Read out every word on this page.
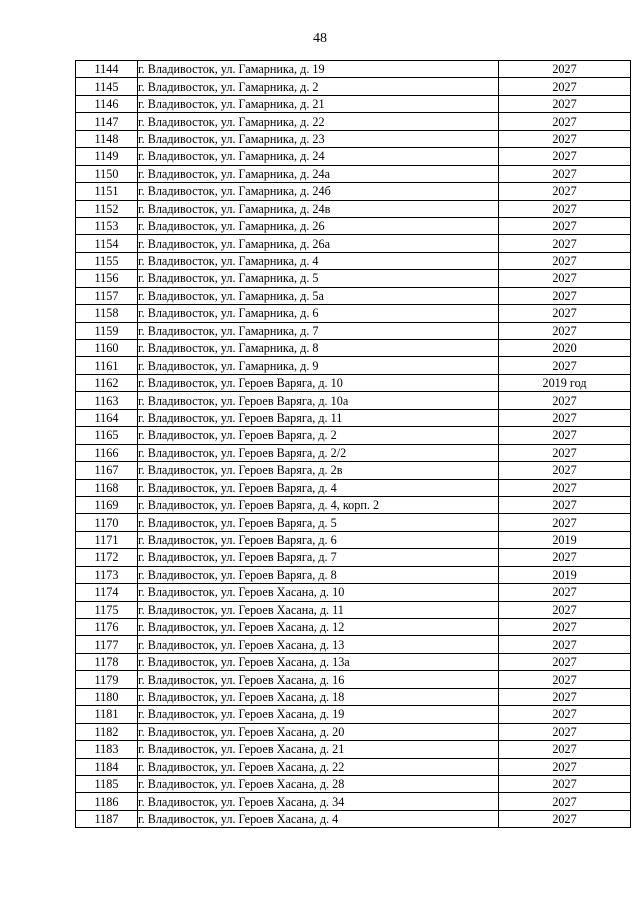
48
1144	г. Владивосток, ул. Гамарника, д. 19	2027
1145	г. Владивосток, ул. Гамарника, д. 2	2027
1146	г. Владивосток, ул. Гамарника, д. 21	2027
1147	г. Владивосток, ул. Гамарника, д. 22	2027
1148	г. Владивосток, ул. Гамарника, д. 23	2027
1149	г. Владивосток, ул. Гамарника, д. 24	2027
1150	г. Владивосток, ул. Гамарника, д. 24а	2027
1151	г. Владивосток, ул. Гамарника, д. 24б	2027
1152	г. Владивосток, ул. Гамарника, д. 24в	2027
1153	г. Владивосток, ул. Гамарника, д. 26	2027
1154	г. Владивосток, ул. Гамарника, д. 26а	2027
1155	г. Владивосток, ул. Гамарника, д. 4	2027
1156	г. Владивосток, ул. Гамарника, д. 5	2027
1157	г. Владивосток, ул. Гамарника, д. 5а	2027
1158	г. Владивосток, ул. Гамарника, д. 6	2027
1159	г. Владивосток, ул. Гамарника, д. 7	2027
1160	г. Владивосток, ул. Гамарника, д. 8	2020
1161	г. Владивосток, ул. Гамарника, д. 9	2027
1162	г. Владивосток, ул. Героев Варяга, д. 10	2019 год
1163	г. Владивосток, ул. Героев Варяга, д. 10а	2027
1164	г. Владивосток, ул. Героев Варяга, д. 11	2027
1165	г. Владивосток, ул. Героев Варяга, д. 2	2027
1166	г. Владивосток, ул. Героев Варяга, д. 2/2	2027
1167	г. Владивосток, ул. Героев Варяга, д. 2в	2027
1168	г. Владивосток, ул. Героев Варяга, д. 4	2027
1169	г. Владивосток, ул. Героев Варяга, д. 4, корп. 2	2027
1170	г. Владивосток, ул. Героев Варяга, д. 5	2027
1171	г. Владивосток, ул. Героев Варяга, д. 6	2019
1172	г. Владивосток, ул. Героев Варяга, д. 7	2027
1173	г. Владивосток, ул. Героев Варяга, д. 8	2019
1174	г. Владивосток, ул. Героев Хасана, д. 10	2027
1175	г. Владивосток, ул. Героев Хасана, д. 11	2027
1176	г. Владивосток, ул. Героев Хасана, д. 12	2027
1177	г. Владивосток, ул. Героев Хасана, д. 13	2027
1178	г. Владивосток, ул. Героев Хасана, д. 13а	2027
1179	г. Владивосток, ул. Героев Хасана, д. 16	2027
1180	г. Владивосток, ул. Героев Хасана, д. 18	2027
1181	г. Владивосток, ул. Героев Хасана, д. 19	2027
1182	г. Владивосток, ул. Героев Хасана, д. 20	2027
1183	г. Владивосток, ул. Героев Хасана, д. 21	2027
1184	г. Владивосток, ул. Героев Хасана, д. 22	2027
1185	г. Владивосток, ул. Героев Хасана, д. 28	2027
1186	г. Владивосток, ул. Героев Хасана, д. 34	2027
1187	г. Владивосток, ул. Героев Хасана, д. 4	2027
